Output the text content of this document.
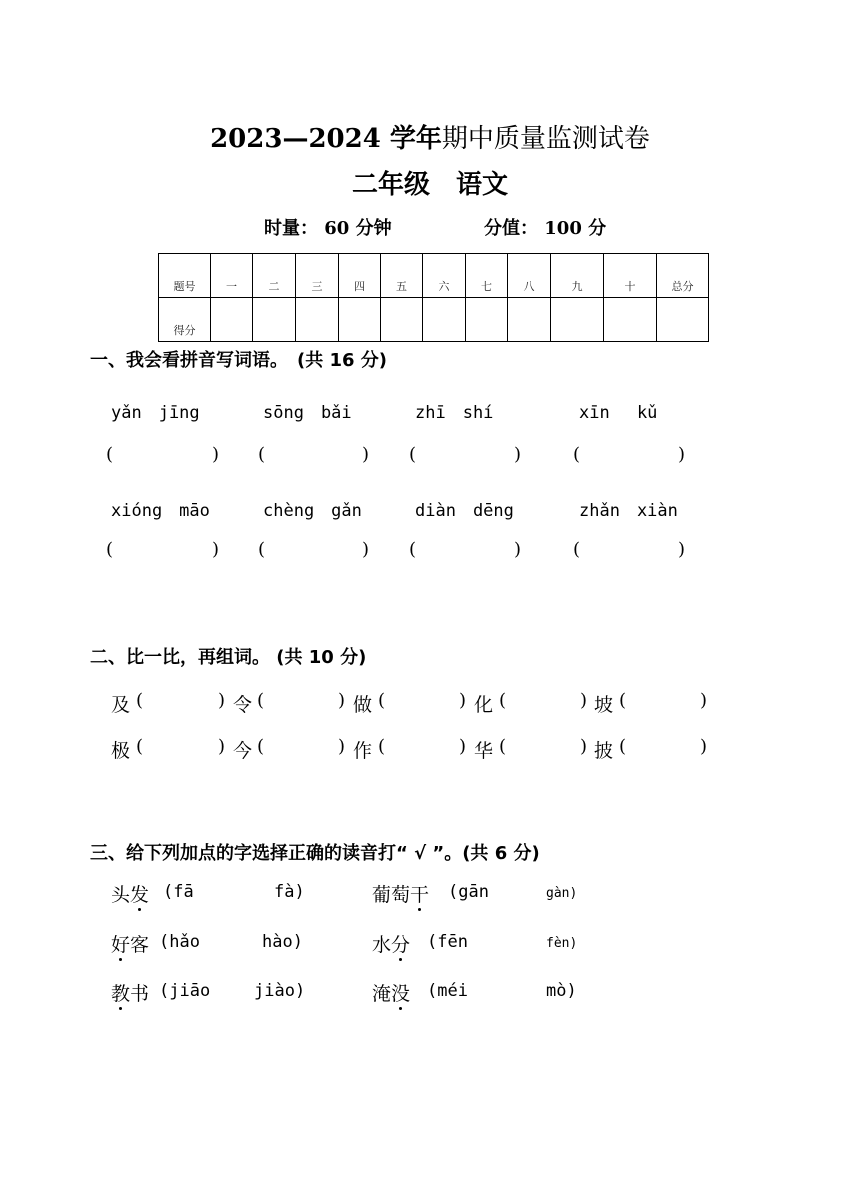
2023—2024 学年期中质量监测试卷
二年级　语文
时量： 60 分钟	分值： 100 分
题号	一	二	三	四	五	六	七	八	九	十	总分
得分											
一、我会看拼音写词语。　(共 16 分)
yǎn　jīng	sōng　bǎi	zhī　shí	xīn　 kǔ
(	) (	) (	)	(	)
xióng　māo	chèng　gǎn	diàn　dēng	zhǎn　xiàn
(	) (	) (	)	(	)
二、比一比，再组词。 (共 10 分)
及 (	) 令 (	) 做 (	) 化 (	) 坡 (	)
极 (	) 今 (	) 作 (	) 华 (	) 披 (	)
三、给下列加点的字选择正确的读音打“ √ ”。(共 6 分)
头发 (fā	fà)	葡萄干 (gān	gàn)
好客 (hǎo	hào)	水分 (fēn	fèn)
教书 (jiāo	jiào)	淹没 (méi	mò)
